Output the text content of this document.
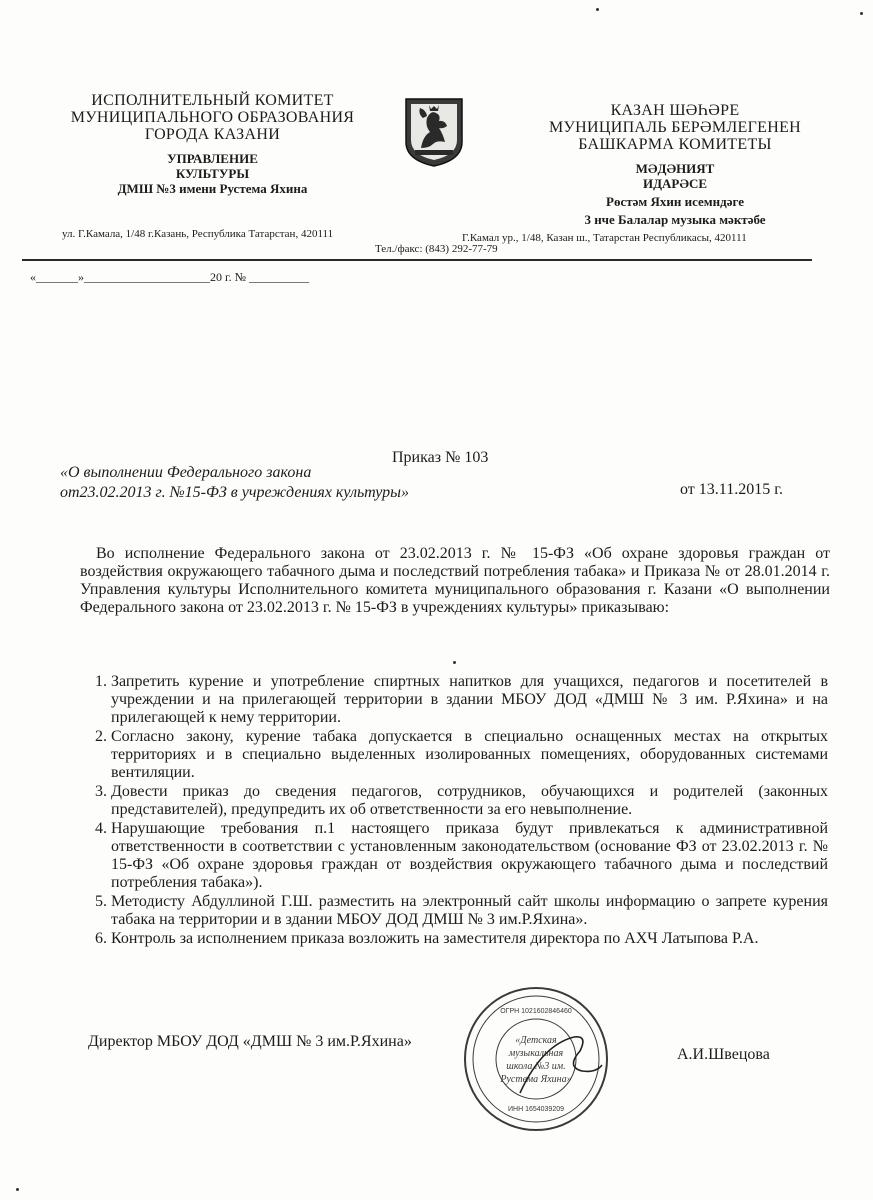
ИСПОЛНИТЕЛЬНЫЙ КОМИТЕТ
МУНИЦИПАЛЬНОГО ОБРАЗОВАНИЯ
ГОРОДА КАЗАНИ
УПРАВЛЕНИЕ
КУЛЬТУРЫ
ДМШ №3 имени Рустема Яхина
КАЗАН ШӘҺӘРЕ
МУНИЦИПАЛЬ БЕРӘМЛЕГЕНЕН
БАШКАРМА КОМИТЕТЫ
МӘДӘНИЯТ
ИДАРӘСЕ
Рөстәм Яхин исемндәге
3 нче Балалар музыка мәктәбе
ул. Г.Камала, 1/48 г.Казань, Республика Татарстан, 420111	Г.Камал ур., 1/48, Казан ш., Татарстан Республикасы, 420111
Тел./факс: (843) 292-77-79
«_______»_____________________20 г. № __________
Приказ № 103
«О выполнении Федерального закона
от23.02.2013 г. №15-ФЗ в учреждениях культуры»	от 13.11.2015 г.

Во исполнение Федерального закона от 23.02.2013 г. № 15-ФЗ «Об охране здоровья граждан от воздействия окружающего табачного дыма и последствий потребления табака» и Приказа № от 28.01.2014 г. Управления культуры Исполнительного комитета муниципального образования г. Казани «О выполнении Федерального закона от 23.02.2013 г. № 15-ФЗ в учреждениях культуры» приказываю:

1. Запретить курение и употребление спиртных напитков для учащихся, педагогов и посетителей в учреждении и на прилегающей территории в здании МБОУ ДОД «ДМШ № 3 им. Р.Яхина» и на прилегающей к нему территории.
2. Согласно закону, курение табака допускается в специально оснащенных местах на открытых территориях и в специально выделенных изолированных помещениях, оборудованных системами вентиляции.
3. Довести приказ до сведения педагогов, сотрудников, обучающихся и родителей (законных представителей), предупредить их об ответственности за его невыполнение.
4. Нарушающие требования п.1 настоящего приказа будут привлекаться к административной ответственности в соответствии с установленным законодательством (основание ФЗ от 23.02.2013 г. № 15-ФЗ «Об охране здоровья граждан от воздействия окружающего табачного дыма и последствий потребления табака»).
5. Методисту Абдуллиной Г.Ш. разместить на электронный сайт школы информацию о запрете курения табака на территории и в здании МБОУ ДОД ДМШ № 3 им.Р.Яхина».
6. Контроль за исполнением приказа возложить на заместителя директора по АХЧ Латыпова Р.А.
Директор МБОУ ДОД «ДМШ № 3 им.Р.Яхина»
А.И.Швецова
«Детская
музыкальная
школа №3 им.
Рустема Яхина»
ОГРН 1021602846460
ИНН 1654039209
